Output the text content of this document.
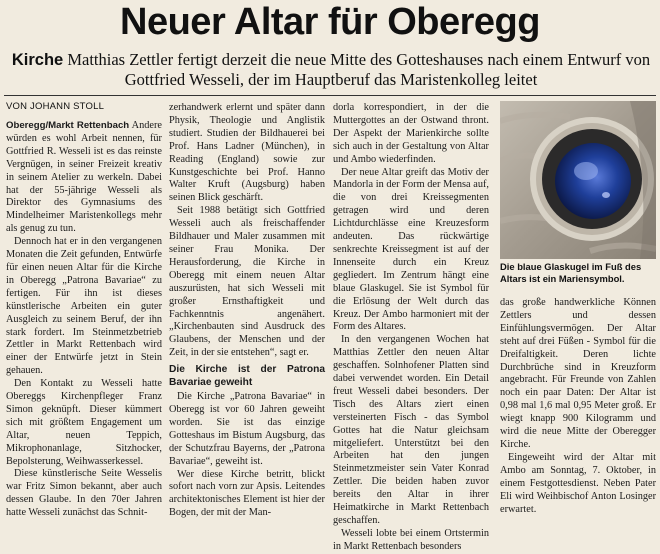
Neuer Altar für Oberegg
Kirche Matthias Zettler fertigt derzeit die neue Mitte des Gotteshauses nach einem Entwurf von Gottfried Wesseli, der im Hauptberuf das Maristenkolleg leitet
VON JOHANN STOLL

Oberegg/Markt Rettenbach Andere würden es wohl Arbeit nennen, für Gottfried R. Wesseli ist es das reinste Vergnügen, in seiner Freizeit kreativ in seinem Atelier zu werkeln. Dabei hat der 55-jährige Wesseli als Direktor des Gymnasiums des Mindelheimer Maristenkollegs mehr als genug zu tun.

Dennoch hat er in den vergangenen Monaten die Zeit gefunden, Entwürfe für einen neuen Altar für die Kirche in Oberegg „Patrona Bavariae“ zu fertigen. Für ihn ist dieses künstlerische Arbeiten ein guter Ausgleich zu seinem Beruf, der ihn stark fordert. Im Steinmetzbetrieb Zettler in Markt Rettenbach wird einer der Entwürfe jetzt in Stein gehauen.

Den Kontakt zu Wesseli hatte Obereggs Kirchenpfleger Franz Simon geknüpft. Dieser kümmert sich mit größtem Engagement um Altar, neuen Teppich, Mikrophonanlage, Sitzhocker, Bepolsterung, Weihwasserkessel.

Diese künstlerische Seite Wesselis war Fritz Simon bekannt, aber auch dessen Glaube. In den 70er Jahren hatte Wesseli zunächst das Schnit-

zerhandwerk erlernt und später dann Physik, Theologie und Anglistik studiert. Studien der Bildhauerei bei Prof. Hans Ladner (München), in Reading (England) sowie zur Kunstgeschichte bei Prof. Hanno Walter Kruft (Augsburg) haben seinen Blick geschärft.

Seit 1988 betätigt sich Gottfried Wesseli auch als freischaffender Bildhauer und Maler zusammen mit seiner Frau Monika. Der Herausforderung, die Kirche in Oberegg mit einem neuen Altar auszurüsten, hat sich Wesseli mit großer Ernsthaftigkeit und Fachkenntnis angenähert. „Kirchenbauten sind Ausdruck des Glaubens, der Menschen und der Zeit, in der sie entstehen“, sagt er.

Die Kirche ist der Patrona Bavariae geweiht

Die Kirche „Patrona Bavariae“ in Oberegg ist vor 60 Jahren geweiht worden. Sie ist das einzige Gotteshaus im Bistum Augsburg, das der Schutzfrau Bayerns, der „Patrona Bavariae“, geweiht ist.

Wer diese Kirche betritt, blickt sofort nach vorn zur Apsis. Leitendes architektonisches Element ist hier der Bogen, der mit der Man-

dorla korrespondiert, in der die Muttergottes an der Ostwand thront. Der Aspekt der Marienkirche sollte sich auch in der Gestaltung von Altar und Ambo wiederfinden.

Der neue Altar greift das Motiv der Mandorla in der Form der Mensa auf, die von drei Kreissegmenten getragen wird und deren Lichtdurchlässe eine Kreuzesform andeuten. Das rückwärtige senkrechte Kreissegment ist auf der Innenseite durch ein Kreuz gegliedert. Im Zentrum hängt eine blaue Glaskugel. Sie ist Symbol für die Erlösung der Welt durch das Kreuz. Der Ambo harmoniert mit der Form des Altares.

In den vergangenen Wochen hat Matthias Zettler den neuen Altar geschaffen. Solnhofener Platten sind dabei verwendet worden. Ein Detail freut Wesseli dabei besonders. Der Tisch des Altars ziert einen versteinerten Fisch - das Symbol Gottes hat die Natur gleichsam mitgeliefert. Unterstützt bei den Arbeiten hat den jungen Steinmetzmeister sein Vater Konrad Zettler. Die beiden haben zuvor bereits den Altar in ihrer Heimatkirche in Markt Rettenbach geschaffen.

Wesseli lobte bei einem Ortstermin in Markt Rettenbach besonders

Die blaue Glaskugel im Fuß des Altars ist ein Mariensymbol.

das große handwerkliche Können Zettlers und dessen Einfühlungsvermögen. Der Altar steht auf drei Füßen - Symbol für die Dreifaltigkeit. Deren lichte Durchbrüche sind in Kreuzform angebracht. Für Freunde von Zahlen noch ein paar Daten: Der Altar ist 0,98 mal 1,6 mal 0,95 Meter groß. Er wiegt knapp 900 Kilogramm und wird die neue Mitte der Oberegger Kirche.

Eingeweiht wird der Altar mit Ambo am Sonntag, 7. Oktober, in einem Festgottesdienst. Neben Pater Eli wird Weihbischof Anton Losinger erwartet.
